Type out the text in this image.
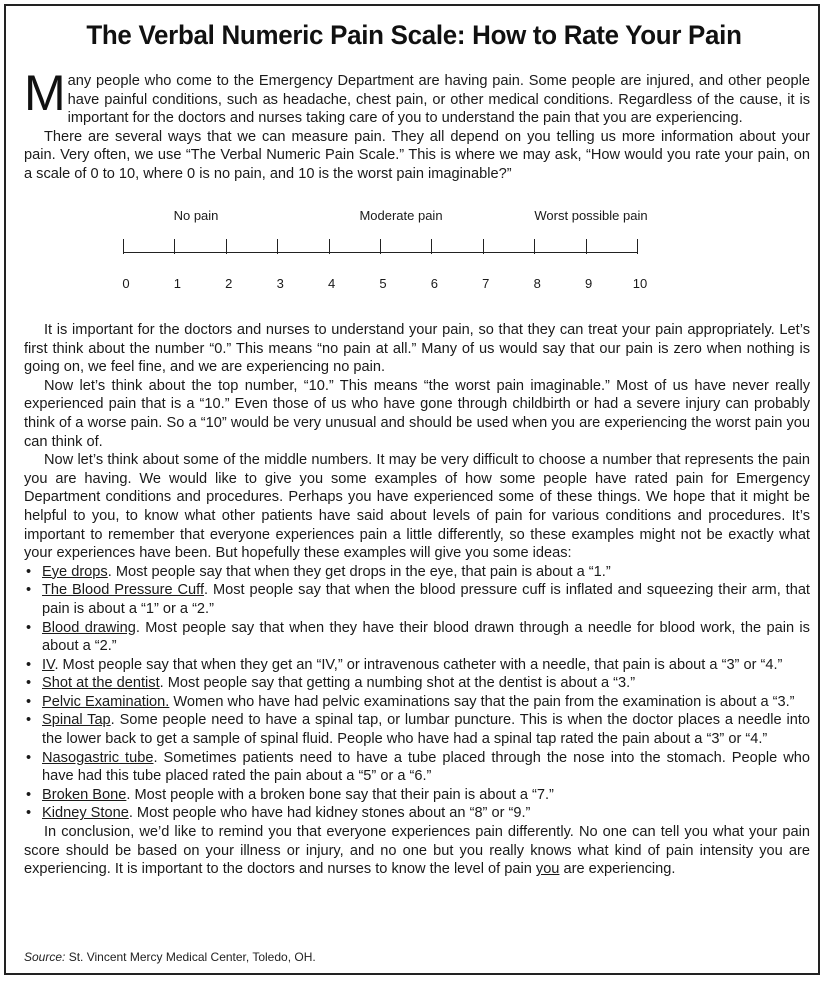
The Verbal Numeric Pain Scale: How to Rate Your Pain

Many people who come to the Emergency Department are having pain. Some people are injured, and other people have painful conditions, such as headache, chest pain, or other medical conditions. Regardless of the cause, it is important for the doctors and nurses taking care of you to understand the pain that you are experiencing.

There are several ways that we can measure pain. They all depend on you telling us more information about your pain. Very often, we use “The Verbal Numeric Pain Scale.” This is where we may ask, “How would you rate your pain, on a scale of 0 to 10, where 0 is no pain, and 10 is the worst pain imaginable?”

No pain	Moderate pain	Worst possible pain
0	1	2	3	4	5	6	7	8	9	10

It is important for the doctors and nurses to understand your pain, so that they can treat your pain appropriately. Let’s first think about the number “0.” This means “no pain at all.” Many of us would say that our pain is zero when nothing is going on, we feel fine, and we are experiencing no pain.

Now let’s think about the top number, “10.” This means “the worst pain imaginable.” Most of us have never really experienced pain that is a “10.” Even those of us who have gone through childbirth or had a severe injury can probably think of a worse pain. So a “10” would be very unusual and should be used when you are experiencing the worst pain you can think of.

Now let’s think about some of the middle numbers. It may be very difficult to choose a number that represents the pain you are having. We would like to give you some examples of how some people have rated pain for Emergency Department conditions and procedures. Perhaps you have experienced some of these things. We hope that it might be helpful to you, to know what other patients have said about levels of pain for various conditions and procedures. It’s important to remember that everyone experiences pain a little differently, so these examples might not be exactly what your experiences have been. But hopefully these examples will give you some ideas:

• Eye drops. Most people say that when they get drops in the eye, that pain is about a “1.”
• The Blood Pressure Cuff. Most people say that when the blood pressure cuff is inflated and squeezing their arm, that pain is about a “1” or a “2.”
• Blood drawing. Most people say that when they have their blood drawn through a needle for blood work, the pain is about a “2.”
• IV. Most people say that when they get an “IV,” or intravenous catheter with a needle, that pain is about a “3” or “4.”
• Shot at the dentist. Most people say that getting a numbing shot at the dentist is about a “3.”
• Pelvic Examination. Women who have had pelvic examinations say that the pain from the examination is about a “3.”
• Spinal Tap. Some people need to have a spinal tap, or lumbar puncture. This is when the doctor places a needle into the lower back to get a sample of spinal fluid. People who have had a spinal tap rated the pain about a “3” or “4.”
• Nasogastric tube. Sometimes patients need to have a tube placed through the nose into the stomach. People who have had this tube placed rated the pain about a “5” or a “6.”
• Broken Bone. Most people with a broken bone say that their pain is about a “7.”
• Kidney Stone. Most people who have had kidney stones about an “8” or “9.”

In conclusion, we’d like to remind you that everyone experiences pain differently. No one can tell you what your pain score should be based on your illness or injury, and no one but you really knows what kind of pain intensity you are experiencing. It is important to the doctors and nurses to know the level of pain you are experiencing.

Source: St. Vincent Mercy Medical Center, Toledo, OH.
